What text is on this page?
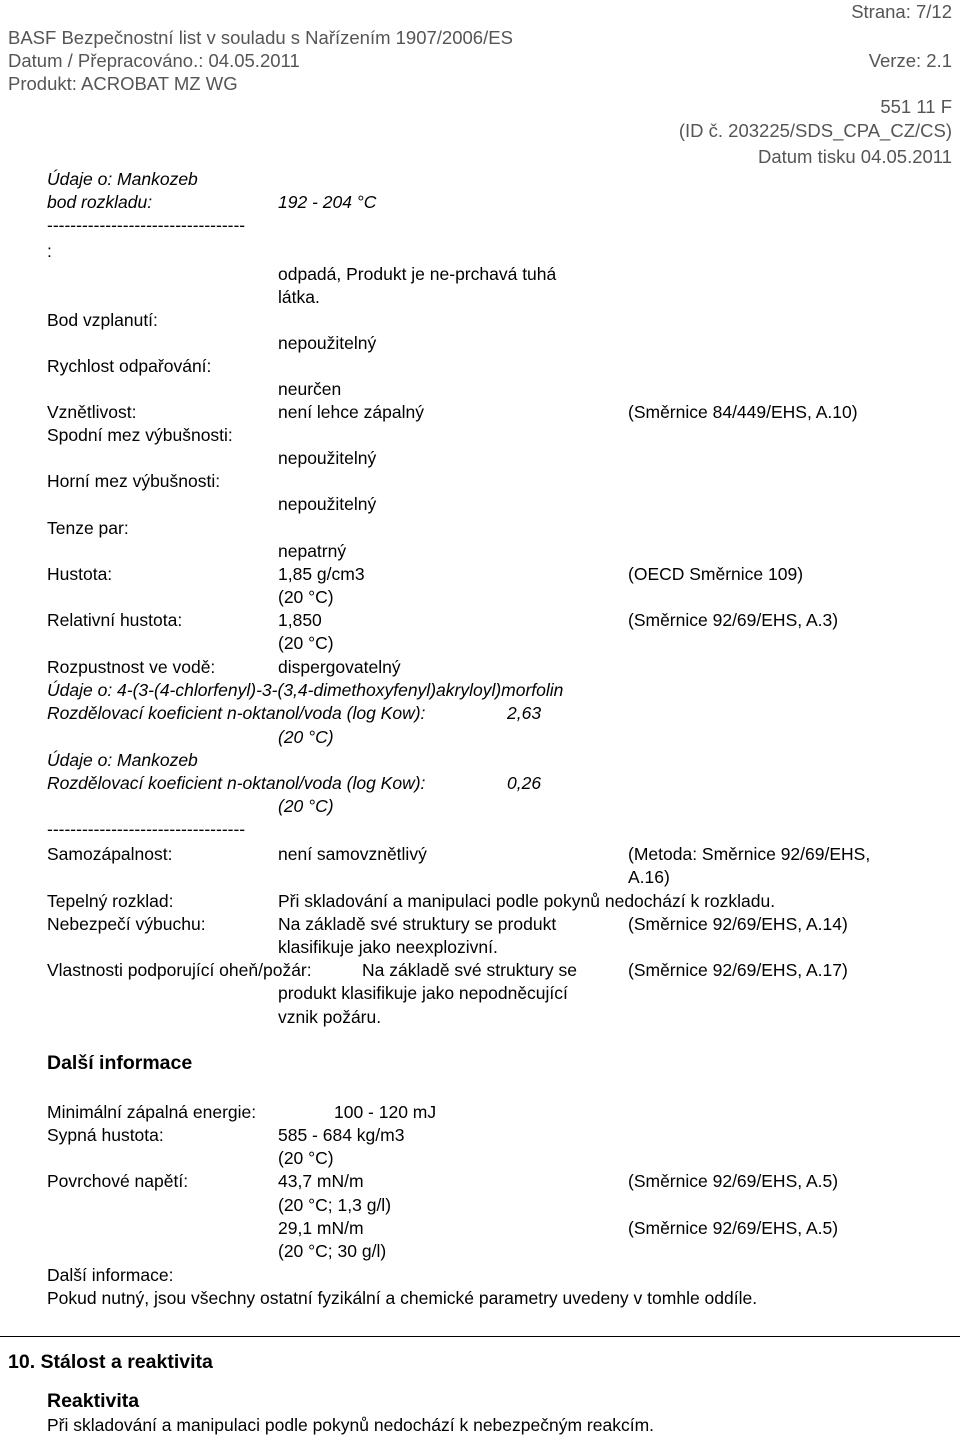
Strana: 7/12
BASF Bezpečnostní list v souladu s Nařízením 1907/2006/ES
Datum / Přepracováno.: 04.05.2011	Verze: 2.1
Produkt: ACROBAT MZ WG
551 11 F
(ID č. 203225/SDS_CPA_CZ/CS)
Datum tisku 04.05.2011
Údaje o: Mankozeb
bod rozkladu:	192 - 204 °C
----------------------------------
:
odpadá, Produkt je ne-prchavá tuhá
látka.
Bod vzplanutí:
nepoužitelný
Rychlost odpařování:
neurčen
Vznětlivost:	není lehce zápalný	(Směrnice 84/449/EHS, A.10)
Spodní mez výbušnosti:
nepoužitelný
Horní mez výbušnosti:
nepoužitelný
Tenze par:
nepatrný
Hustota:	1,85 g/cm3	(OECD Směrnice 109)
(20 °C)
Relativní hustota:	1,850	(Směrnice 92/69/EHS, A.3)
(20 °C)
Rozpustnost ve vodě:	dispergovatelný
Údaje o: 4-(3-(4-chlorfenyl)-3-(3,4-dimethoxyfenyl)akryloyl)morfolin
Rozdělovací koeficient n-oktanol/voda (log Kow):	2,63
(20 °C)
Údaje o: Mankozeb
Rozdělovací koeficient n-oktanol/voda (log Kow):	0,26
(20 °C)
----------------------------------
Samozápalnost:	není samovznětlivý	(Metoda: Směrnice 92/69/EHS,
A.16)
Tepelný rozklad:	Při skladování a manipulaci podle pokynů nedochází k rozkladu.
Nebezpečí výbuchu:	Na základě své struktury se produkt	(Směrnice 92/69/EHS, A.14)
klasifikuje jako neexplozivní.
Vlastnosti podporující oheň/požár:	Na základě své struktury se	(Směrnice 92/69/EHS, A.17)
produkt klasifikuje jako nepodněcující
vznik požáru.
Další informace
Minimální zápalná energie:	100 - 120 mJ
Sypná hustota:	585 - 684 kg/m3
(20 °C)
Povrchové napětí:	43,7 mN/m	(Směrnice 92/69/EHS, A.5)
(20 °C; 1,3 g/l)
29,1 mN/m	(Směrnice 92/69/EHS, A.5)
(20 °C; 30 g/l)
Další informace:
Pokud nutný, jsou všechny ostatní fyzikální a chemické parametry uvedeny v tomhle oddíle.
10. Stálost a reaktivita
Reaktivita
Při skladování a manipulaci podle pokynů nedochází k nebezpečným reakcím.
